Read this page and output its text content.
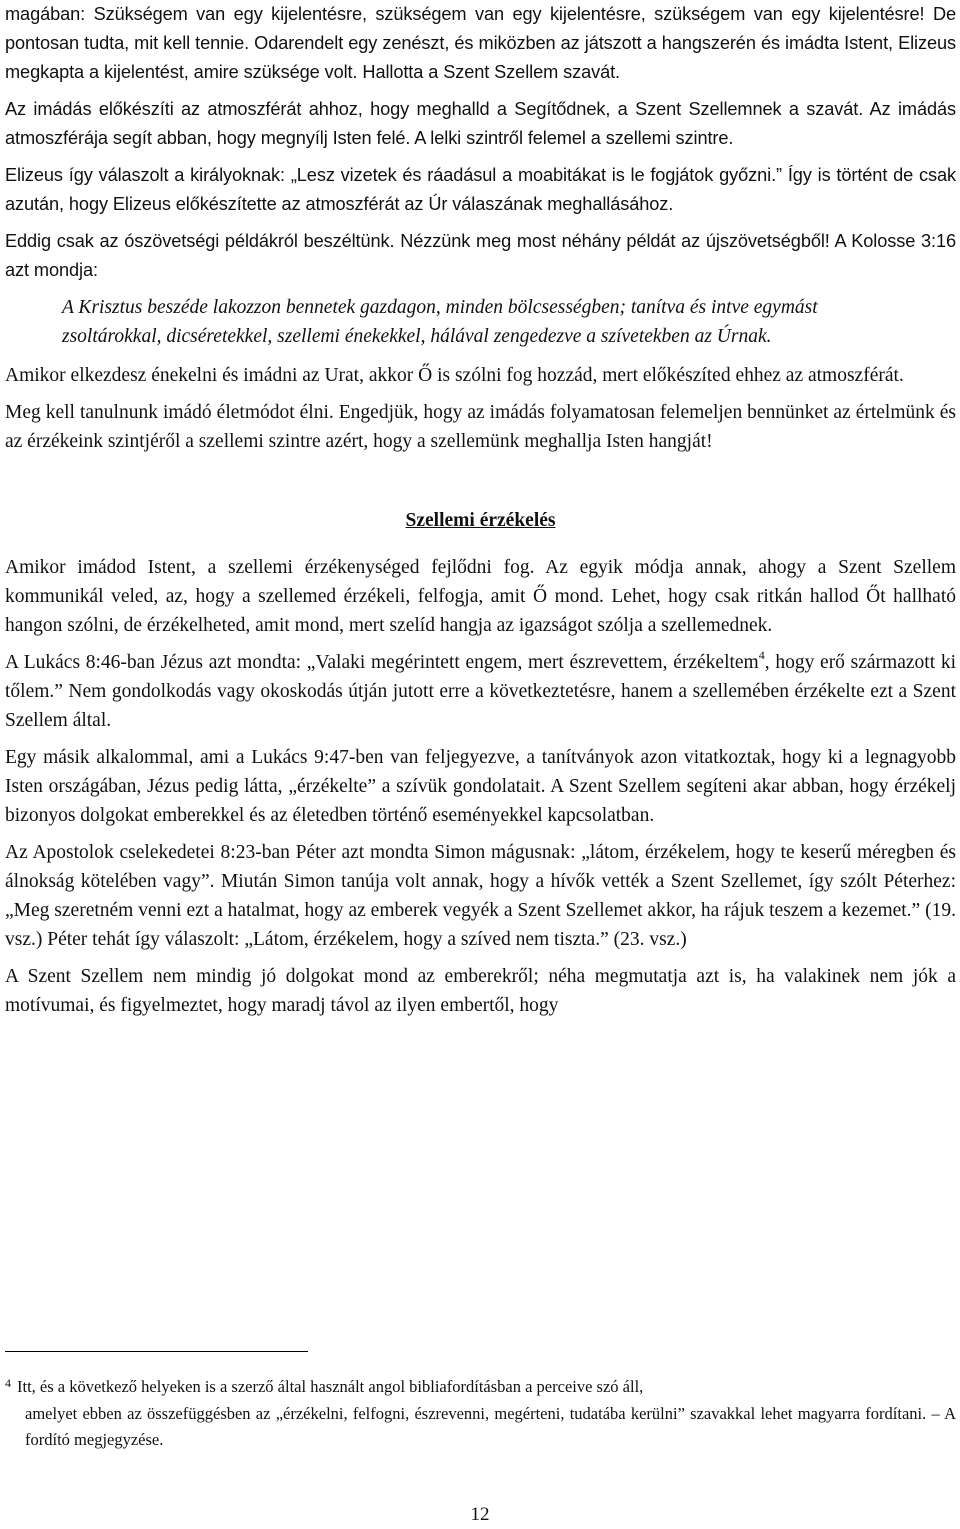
magában: Szükségem van egy kijelentésre, szükségem van egy kijelentésre, szükségem van egy kijelentésre! De pontosan tudta, mit kell tennie. Odarendelt egy zenészt, és miközben az játszott a hangszerén és imádta Istent, Elizeus megkapta a kijelentést, amire szüksége volt. Hallotta a Szent Szellem szavát.

Az imádás előkészíti az atmoszférát ahhoz, hogy meghalld a Segítődnek, a Szent Szellemnek a szavát. Az imádás atmoszférája segít abban, hogy megnyílj Isten felé. A lelki szintről felemel a szellemi szintre.

Elizeus így válaszolt a királyoknak: „Lesz vizetek és ráadásul a moabitákat is le fogjátok győzni.” Így is történt de csak azután, hogy Elizeus előkészítette az atmoszférát az Úr válaszának meghallásához.

Eddig csak az ószövetségi példákról beszéltünk. Nézzünk meg most néhány példát az újszövetségből! A Kolosse 3:16 azt mondja:

A Krisztus beszéde lakozzon bennetek gazdagon, minden bölcsességben; tanítva és intve egymást zsoltárokkal, dicséretekkel, szellemi énekekkel, hálával zengedezve a szívetekben az Úrnak.

Amikor elkezdesz énekelni és imádni az Urat, akkor Ő is szólni fog hozzád, mert előkészíted ehhez az atmoszférát.

Meg kell tanulnunk imádó életmódot élni. Engedjük, hogy az imádás folyamatosan felemeljen bennünket az értelmünk és az érzékeink szintjéről a szellemi szintre azért, hogy a szellemünk meghallja Isten hangját!

Szellemi érzékelés

Amikor imádod Istent, a szellemi érzékenységed fejlődni fog. Az egyik módja annak, ahogy a Szent Szellem kommunikál veled, az, hogy a szellemed érzékeli, felfogja, amit Ő mond. Lehet, hogy csak ritkán hallod Őt hallható hangon szólni, de érzékelheted, amit mond, mert szelíd hangja az igazságot szólja a szellemednek.

A Lukács 8:46-ban Jézus azt mondta: „Valaki megérintett engem, mert észrevettem, érzékeltem$^4$, hogy erő származott ki tőlem.” Nem gondolkodás vagy okoskodás útján jutott erre a következtetésre, hanem a szellemében érzékelte ezt a Szent Szellem által.

Egy másik alkalommal, ami a Lukács 9:47-ben van feljegyezve, a tanítványok azon vitatkoztak, hogy ki a legnagyobb Isten országában, Jézus pedig látta, „érzékelte” a szívük gondolatait. A Szent Szellem segíteni akar abban, hogy érzékelj bizonyos dolgokat emberekkel és az életedben történő eseményekkel kapcsolatban.

Az Apostolok cselekedetei 8:23-ban Péter azt mondta Simon mágusnak: „látom, érzékelem, hogy te keserű méregben és álnokság kötelében vagy”. Miután Simon tanúja volt annak, hogy a hívők vették a Szent Szellemet, így szólt Péterhez: „Meg szeretném venni ezt a hatalmat, hogy az emberek vegyék a Szent Szellemet akkor, ha rájuk teszem a kezemet.” (19. vsz.) Péter tehát így válaszolt: „Látom, érzékelem, hogy a szíved nem tiszta.” (23. vsz.)

A Szent Szellem nem mindig jó dolgokat mond az emberekről; néha megmutatja azt is, ha valakinek nem jók a motívumai, és figyelmeztet, hogy maradj távol az ilyen embertől, hogy

$^4$ Itt, és a következő helyeken is a szerző által használt angol bibliafordításban a perceive szó áll,
amelyet ebben az összefüggésben az „érzékelni, felfogni, észrevenni, megérteni, tudatába kerülni” szavakkal lehet magyarra fordítani. ‒ A fordító megjegyzése.
12
